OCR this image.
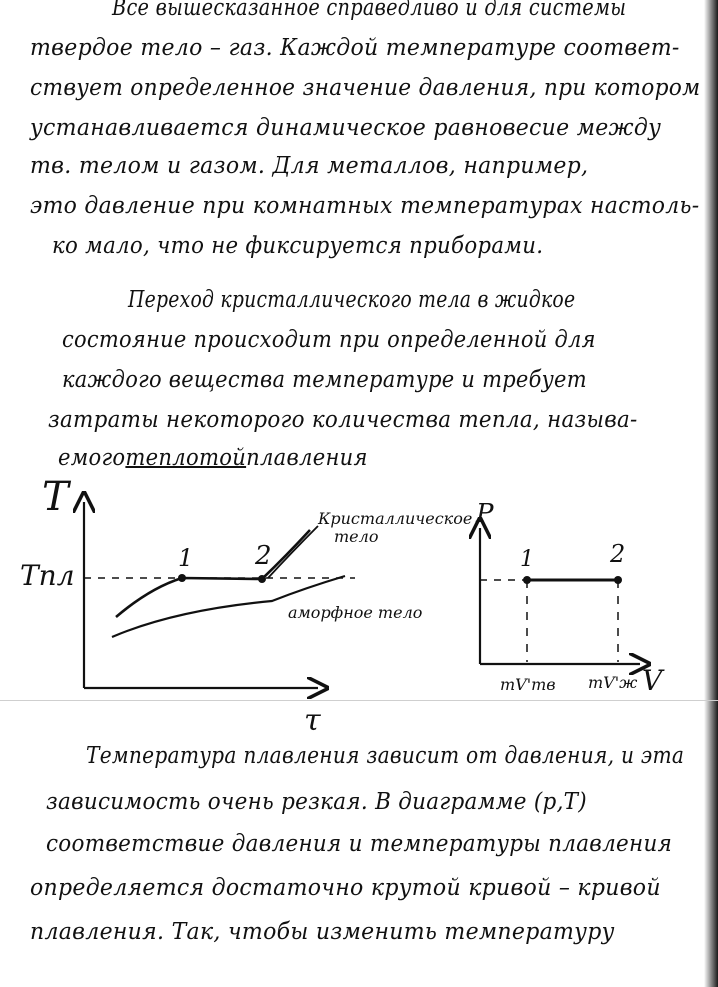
Все вышесказанное справедливо и для системы
твердое тело – газ. Каждой температуре соответ-
ствует определенное значение давления, при котором
устанавливается динамическое равновесие между
тв. телом и газом. Для металлов, например,
это давление при комнатных температурах настоль-
ко мало, что не фиксируется приборами.
Переход кристаллического тела в жидкое
состояние происходит при определенной для
каждого вещества температуре и требует
затраты некоторого количества тепла, называ-
емоготеплотойплавления
T
Tпл
1 2
τ
Кристаллическое
тело
аморфное тело
P
V
1	2
mV'тв mV'ж
Температура плавления зависит от давления, и эта
зависимость очень резкая. В диаграмме (p,T)
соответствие давления и температуры плавления
определяется достаточно крутой кривой – кривой
плавления. Так, чтобы изменить температуру
